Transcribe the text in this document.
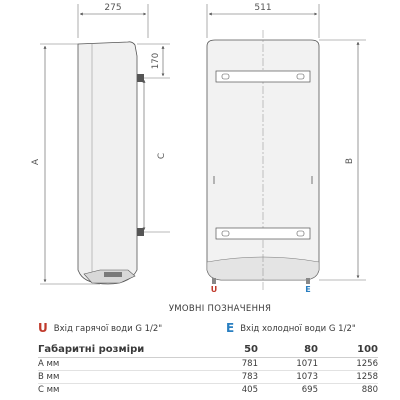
275
170
C
A
511
U	E
B
УМОВНІ ПОЗНАЧЕННЯ
U Вхід гарячої води G 1/2"	E Вхід холодної води G 1/2"
Габаритні розміри	50	80	100
A мм	781	1071	1256
B мм	783	1073	1258
C мм	405	695	880
